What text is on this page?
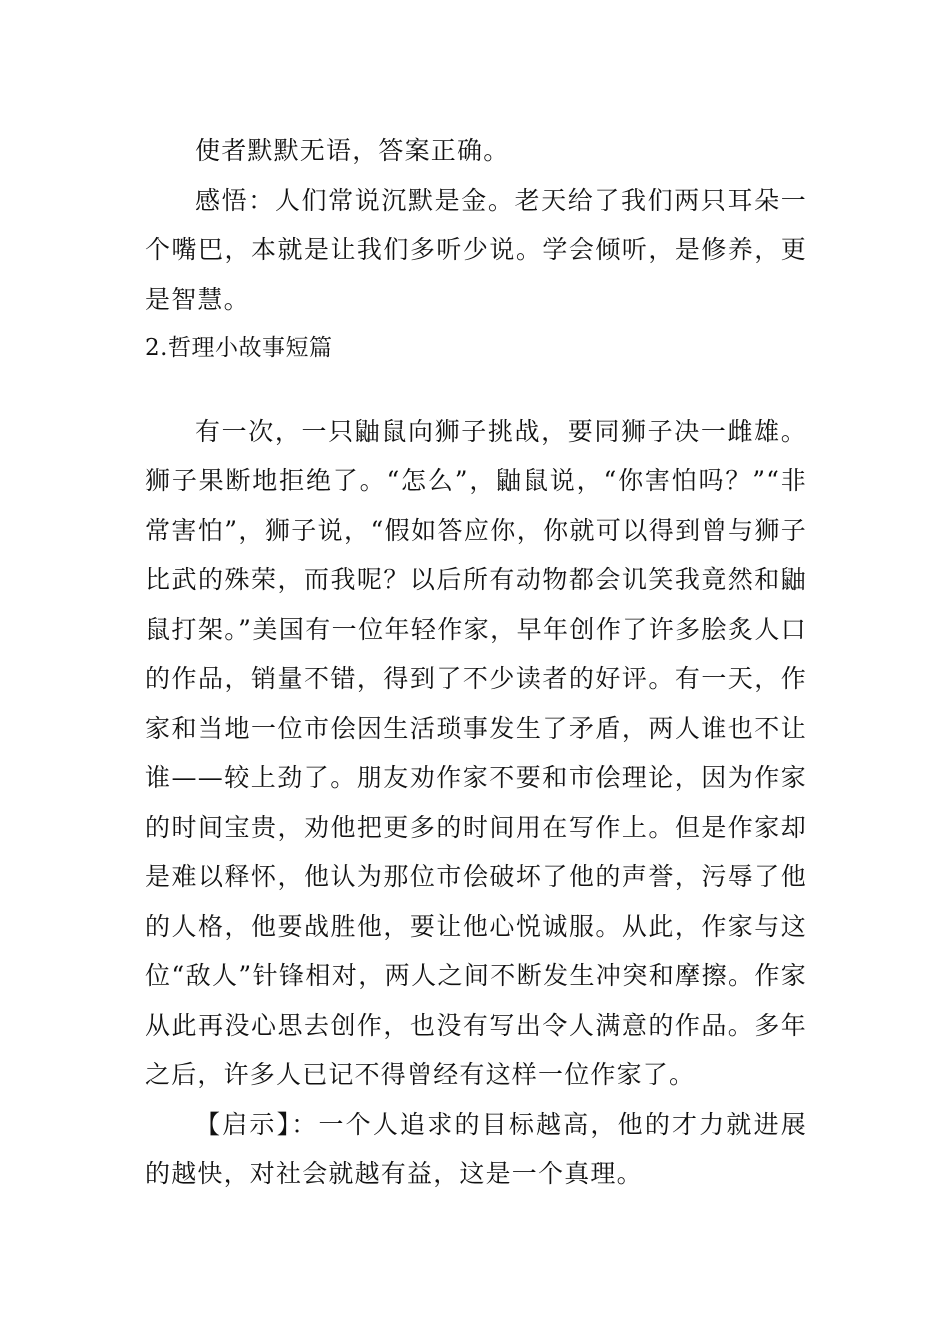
使者默默无语，答案正确。

感悟：人们常说沉默是金。老天给了我们两只耳朵一个嘴巴，本就是让我们多听少说。学会倾听，是修养，更是智慧。

2.哲理小故事短篇

有一次，一只鼬鼠向狮子挑战，要同狮子决一雌雄。狮子果断地拒绝了。“怎么”，鼬鼠说，“你害怕吗？”“非常害怕”，狮子说，“假如答应你，你就可以得到曾与狮子比武的殊荣，而我呢？以后所有动物都会讥笑我竟然和鼬鼠打架。”美国有一位年轻作家，早年创作了许多脍炙人口的作品，销量不错，得到了不少读者的好评。有一天，作家和当地一位市侩因生活琐事发生了矛盾，两人谁也不让谁——较上劲了。朋友劝作家不要和市侩理论，因为作家的时间宝贵，劝他把更多的时间用在写作上。但是作家却是难以释怀，他认为那位市侩破坏了他的声誉，污辱了他的人格，他要战胜他，要让他心悦诚服。从此，作家与这位“敌人”针锋相对，两人之间不断发生冲突和摩擦。作家从此再没心思去创作，也没有写出令人满意的作品。多年之后，许多人已记不得曾经有这样一位作家了。

【启示】：一个人追求的目标越高，他的才力就进展的越快，对社会就越有益，这是一个真理。
